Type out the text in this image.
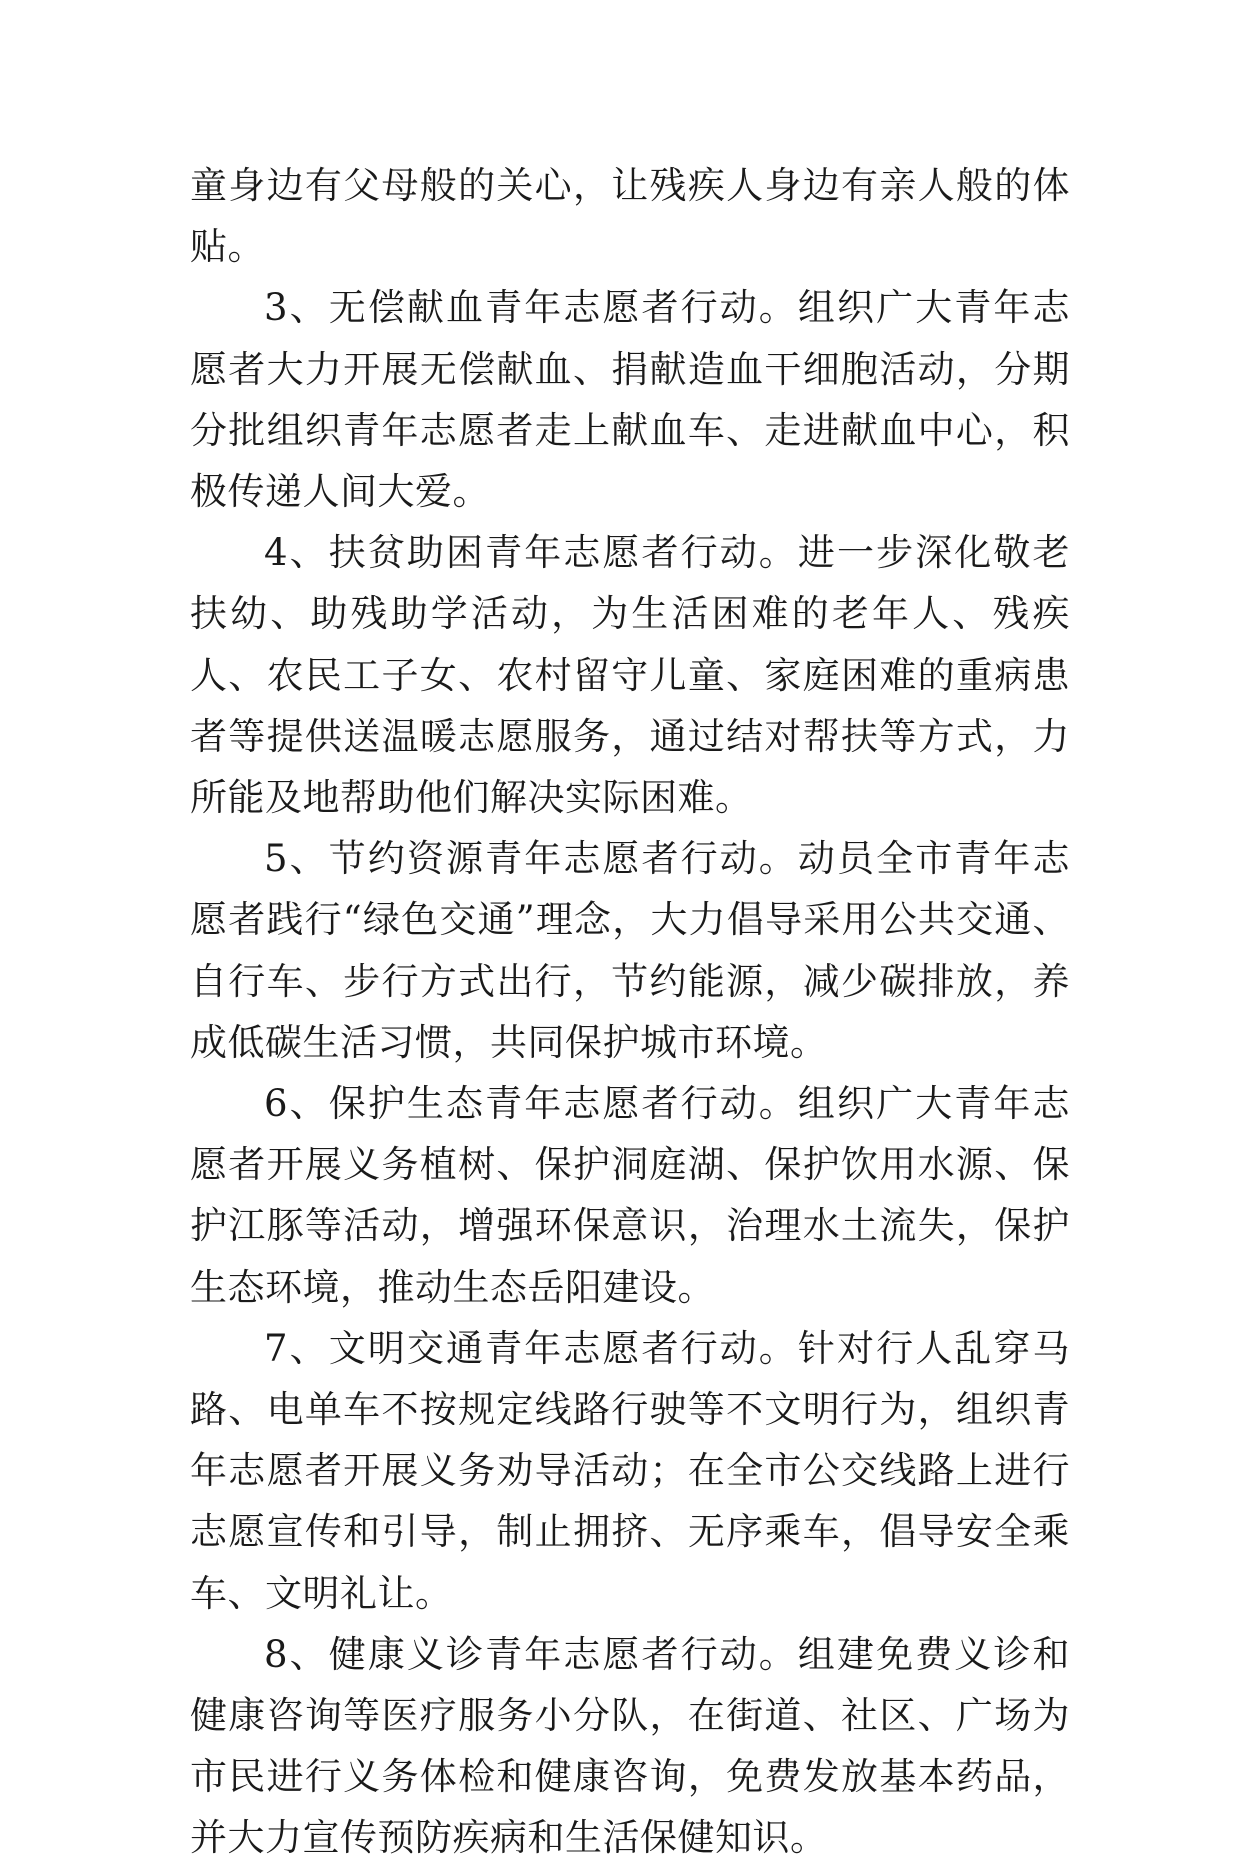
童身边有父母般的关心，让残疾人身边有亲人般的体贴。

3、无偿献血青年志愿者行动。组织广大青年志愿者大力开展无偿献血、捐献造血干细胞活动，分期分批组织青年志愿者走上献血车、走进献血中心，积极传递人间大爱。

4、扶贫助困青年志愿者行动。进一步深化敬老扶幼、助残助学活动，为生活困难的老年人、残疾人、农民工子女、农村留守儿童、家庭困难的重病患者等提供送温暖志愿服务，通过结对帮扶等方式，力所能及地帮助他们解决实际困难。

5、节约资源青年志愿者行动。动员全市青年志愿者践行“绿色交通”理念，大力倡导采用公共交通、自行车、步行方式出行，节约能源，减少碳排放，养成低碳生活习惯，共同保护城市环境。

6、保护生态青年志愿者行动。组织广大青年志愿者开展义务植树、保护洞庭湖、保护饮用水源、保护江豚等活动，增强环保意识，治理水土流失，保护生态环境，推动生态岳阳建设。

7、文明交通青年志愿者行动。针对行人乱穿马路、电单车不按规定线路行驶等不文明行为，组织青年志愿者开展义务劝导活动；在全市公交线路上进行志愿宣传和引导，制止拥挤、无序乘车，倡导安全乘车、文明礼让。

8、健康义诊青年志愿者行动。组建免费义诊和健康咨询等医疗服务小分队，在街道、社区、广场为市民进行义务体检和健康咨询，免费发放基本药品，并大力宣传预防疾病和生活保健知识。
